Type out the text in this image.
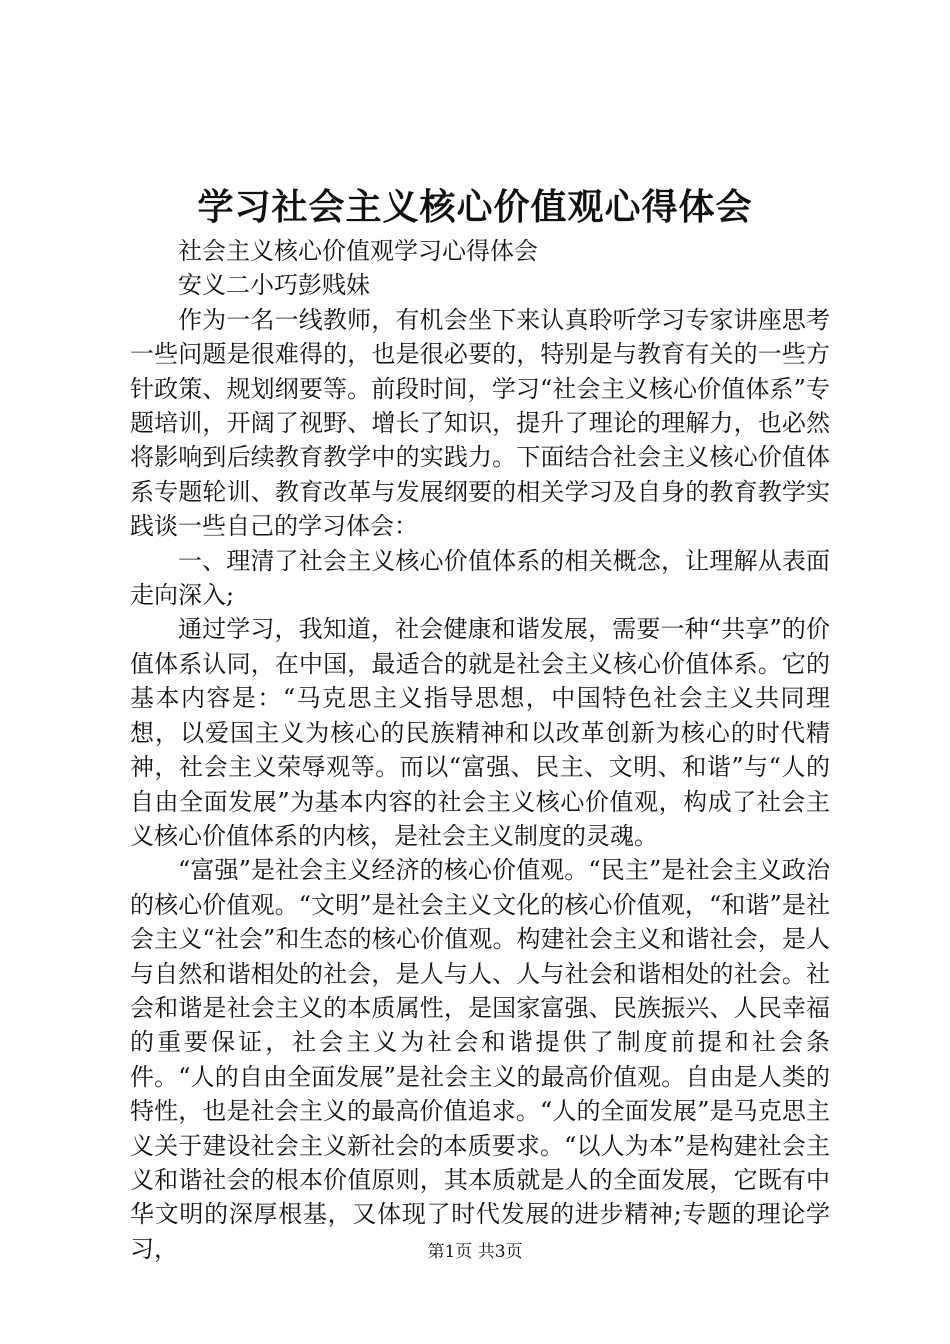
学习社会主义核心价值观心得体会

社会主义核心价值观学习心得体会

安义二小巧彭贱妹

作为一名一线教师，有机会坐下来认真聆听学习专家讲座思考一些问题是很难得的，也是很必要的，特别是与教育有关的一些方针政策、规划纲要等。前段时间，学习“社会主义核心价值体系”专题培训，开阔了视野、增长了知识，提升了理论的理解力，也必然将影响到后续教育教学中的实践力。下面结合社会主义核心价值体系专题轮训、教育改革与发展纲要的相关学习及自身的教育教学实践谈一些自己的学习体会：

一、理清了社会主义核心价值体系的相关概念，让理解从表面走向深入;

通过学习，我知道，社会健康和谐发展，需要一种“共享”的价值体系认同，在中国，最适合的就是社会主义核心价值体系。它的基本内容是：“马克思主义指导思想，中国特色社会主义共同理想，以爱国主义为核心的民族精神和以改革创新为核心的时代精神，社会主义荣辱观等。而以“富强、民主、文明、和谐”与“人的自由全面发展”为基本内容的社会主义核心价值观，构成了社会主义核心价值体系的内核，是社会主义制度的灵魂。

“富强”是社会主义经济的核心价值观。“民主”是社会主义政治的核心价值观。“文明”是社会主义文化的核心价值观，“和谐”是社会主义“社会”和生态的核心价值观。构建社会主义和谐社会，是人与自然和谐相处的社会，是人与人、人与社会和谐相处的社会。社会和谐是社会主义的本质属性，是国家富强、民族振兴、人民幸福的重要保证，社会主义为社会和谐提供了制度前提和社会条件。“人的自由全面发展”是社会主义的最高价值观。自由是人类的特性，也是社会主义的最高价值追求。“人的全面发展”是马克思主义关于建设社会主义新社会的本质要求。“以人为本”是构建社会主义和谐社会的根本价值原则，其本质就是人的全面发展，它既有中华文明的深厚根基，又体现了时代发展的进步精神;专题的理论学习，	第1页 共3页
